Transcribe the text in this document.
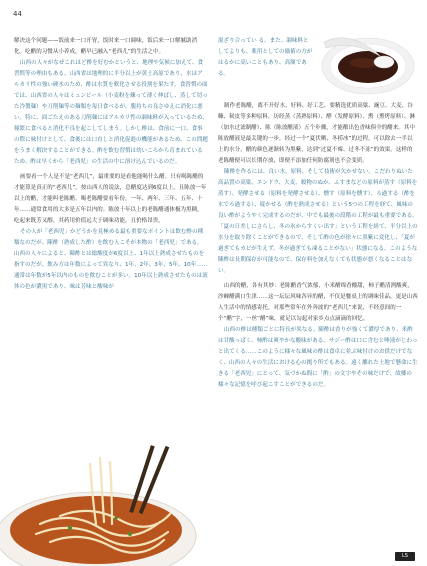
44

混ざり合ってい る。また、調味料としてよりも、薬用としての価値の方がはるかに高いこともあり、高額である。

解决这个问题——饭前来一口开胃，饭时来一口调味，饭后来一口解腻助消化。吃醋的习惯从小养成，醋早已融入“老西儿”的生活之中。

山西の人々がなぜこれほど酢を好むかというと、地理や気候に加えて、食習慣等の理由もある。山西省は地理的に半分以上が黄土高原であり、水はアルカリ性の強い硬水のため、酢は水質を軟化させる役割を果たす。食習慣の面では、山西省の人々はミュンビール（小麦粉を練って薄く伸ばし、蒸して切った冷製麺）や刀削麺等の麺類を毎日食べるが、腹持ちの良さゆえに消化に悪い。特に、面ごたえのある刀削麺にはアルカリ性の調味料が入っているため、頻繁に食べると消化不良を起こしてしまう。しかし酢は、食前に一口、食事の際に味付けとして、食後には口直しと消化促進の機能があるため、この問題をうまく解決することができる。酢を飲む習慣は幼いころから育まれているため、酢は早くから「老西児」の生活の中に溶け込んでいるのだ。

画要看一个人是不是“老西儿”，最重要的是看他能喝什么醋。只有喝陈醋的才能算是真正的“老西儿”。按山西人的说法，总醋度达到6度以上，且陈放一年以上的醋，才能叫老陈醋。喝老陈醋要看年份，一年、两年、三年、五年、十年……通常食用的大多是五年以内的。陈放十年以上的老陈醋通体极为黑稠，吃起来既芳又醇，其药用价值远大于调味功能，且价格昂贵。

その人が「老西児」かどうかを見極める最も重要なポイントは飲む酢の種類なのだが、陳酢（熟成した酢）を飲む人こそが本物の「老西児」である。山西の人々によると、陳酢とは総酸度が6度以上、1年以上熟成させたものを指すのだが、飲み方は年数によって異なり、1年、2年、3年、5年、10年……通常は年数が5年以内のものを飲むことが多い。10年以上熟成させたものは液体の色が濃黒であり、味は芳味と酸味が

制作老陈醋，离不开好水、好料、好工艺。要精选优质高粱、豌豆、大麦、谷糠、麸皮等多种原料，历经蒸（蒸熟原料）、酵（发酵原料）、熏（熏烤原料）、淋（加水过滤制醋）、陈（陈放醋液）五个步骤，才能酿出色香味俱全的醋来。其中陈放醋液是最关键的一步。经过一个“夏伏晒、冬捞冰”的过程，可以除去一半以上的水分，醋的颜色逐渐转为黑紫，达到“过夏不霉、过冬不冻”的效果。这样的老陈醋便可以长期存放，即便不添加任何防腐剂也不会变质。

陳酢を作るには、良い水、原料、そして技術が欠かせない。こだわりぬいた高品質の高粱、エンドウ、大麦、穀物のぬか、ふすまなどの原料が蒸す（原料を蒸す）、発酵させる（原料を発酵させる）、燻す（原料を燻す）、ろ過する（酢を水でろ過する）、寝かせる（酢を熟成させる）という5つの工程を経て、風味の良い酢がようやく完成するのだが、中でも最後の段階の工程が最も重要である。「夏の日差しにさらし、冬の氷からすくい出す」という工程を経て、半分以上の水分を取り除くことができるので、そして酢の色が徐々に黒紫に変化し、「夏が過ぎてもカビが生えず、冬が過ぎても凍ることがない」状態になる。このような陳酢は長期保存が可能なので、保存料を加えなくても状態が悪くなることはない。

山西的醋，各有其妙：老陈醋香气浓郁，小米醋绵香酸甜，柿子醋清洌酸爽，沙棘醋满口生津……这一坛坛风味各异的醋，不仅是餐桌上的调味佳品，更是山西人生活中的情感寄托，对那些常年在外奔波的“老西儿”来说，不经意间的一个“醋”字，一丝“醋”味，就足以勾起对家乡点点滴滴的回忆。

山西の酢は種類ごとに特長が異なる。陳酢は香りが強くて濃厚であり、米酢は甘酸っぱく、柿酢は爽やかな酸味がある。サジー酢は口に含むと唾液がじわっと出てくる……このように様々な風味の酢は食卓に並ぶ味付けのお供だけでなく、山西の人々の生活における心の拠り所でもある。遠く離れた土地で懸命に生きる「老西児」にとって、気づかぬ間に「酢」の文字やその味だけで、故郷の様々な記憶を呼び起こすことができるのだ。

LS
